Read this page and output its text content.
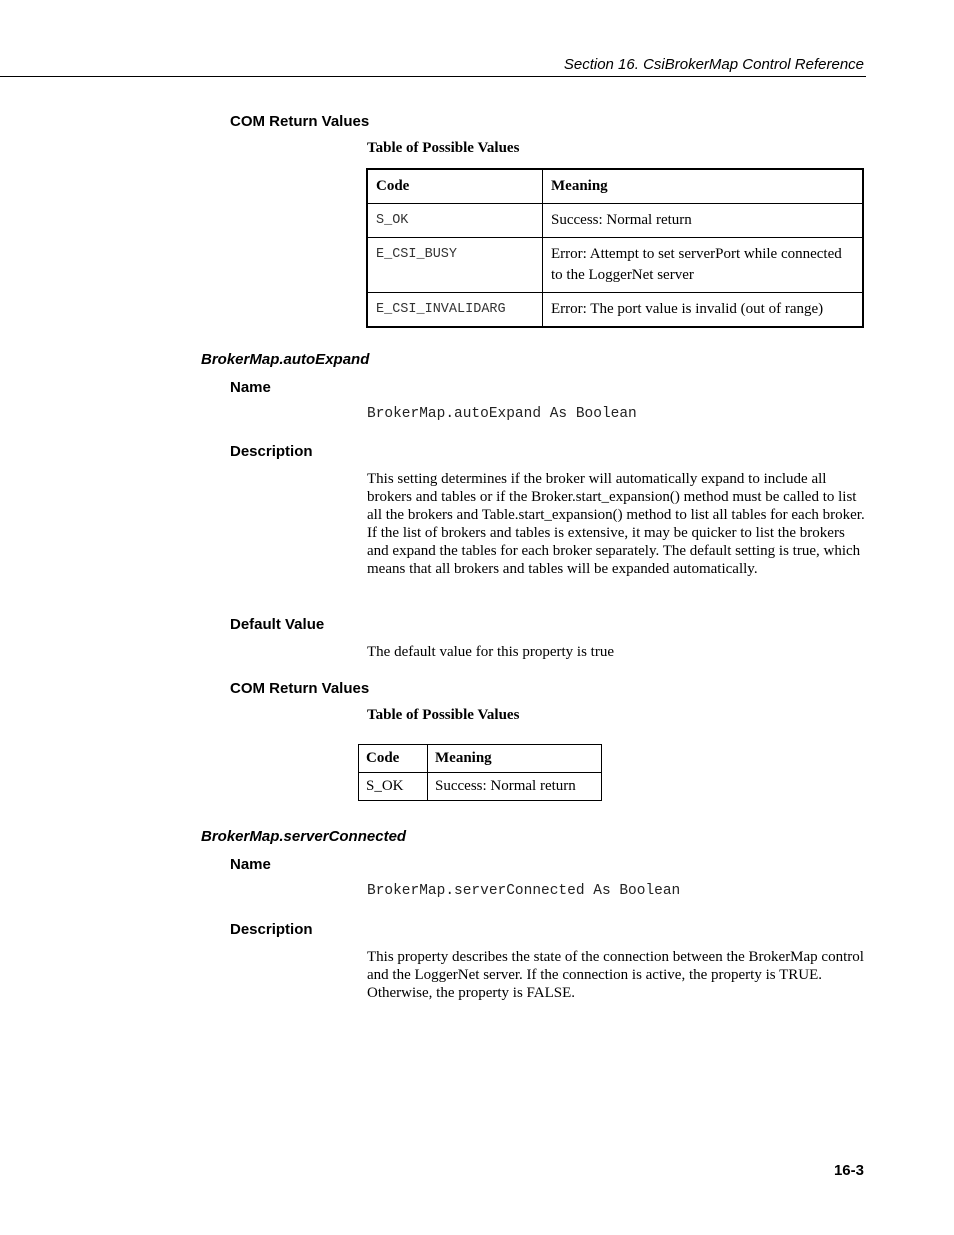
Section 16. CsiBrokerMap Control Reference
COM Return Values
Table of Possible Values
Code	Meaning
S_OK	Success: Normal return
E_CSI_BUSY	Error: Attempt to set serverPort while connected to the LoggerNet server
E_CSI_INVALIDARG	Error: The port value is invalid (out of range)
BrokerMap.autoExpand
Name
BrokerMap.autoExpand As Boolean
Description

This setting determines if the broker will automatically expand to include all brokers and tables or if the Broker.start_expansion() method must be called to list all the brokers and Table.start_expansion() method to list all tables for each broker. If the list of brokers and tables is extensive, it may be quicker to list the brokers and expand the tables for each broker separately. The default setting is true, which means that all brokers and tables will be expanded automatically.

Default Value

The default value for this property is true

COM Return Values
Table of Possible Values
Code	Meaning
S_OK	Success: Normal return
BrokerMap.serverConnected
Name
BrokerMap.serverConnected As Boolean
Description

This property describes the state of the connection between the BrokerMap control and the LoggerNet server. If the connection is active, the property is TRUE. Otherwise, the property is FALSE.

16-3
